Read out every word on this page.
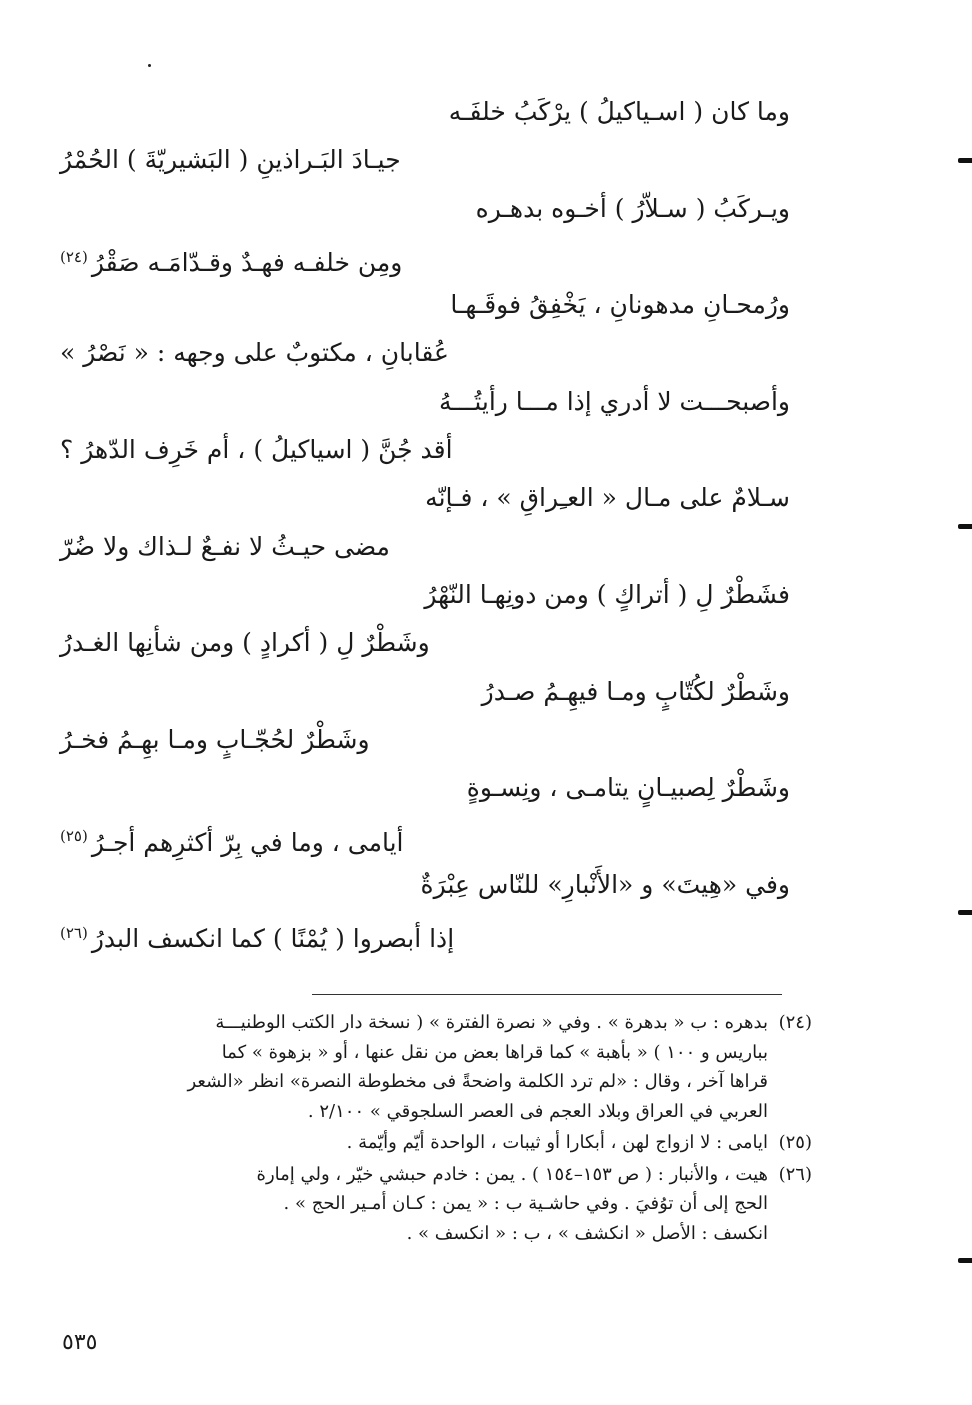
وما كان ( اسـياكيلُ ) يرْكَبُ خلفَـه
جيـادَ البَـراذينِ ( البَشيريّةَ ) الحُمْرُ
ويـركَبُ ( سـلاّرُ ) أخـوه بدهـره
ومِن خلفـه فهـدٌ وقـدّامَـه صَقْرُ(٢٤)
ورُمحـانِ مدهونانِ ، يَخْفِقُ فوقَـهـا
عُقابانِ ، مكتوبٌ على وجهه : « نَصْرُ »
وأصبحـــت لا أدري إذا مـــا رأيتُـــهُ
أقد جُنَّ ( اسياكيلُ ) ، أم خَرِف الدّهرُ ؟
سـلامٌ على مـال « العـِراقِ » ، فـإنّه
مضى حيـثُ لا نفـعٌ لـذاك ولا ضُرّ
فشَطْرٌ لِ ( أتراكٍ ) ومن دونِهـا النّهْرُ
وشَطْرٌ لِ ( أكرادٍ ) ومن شأنِها الغـدرُ
وشَطْرٌ لكُتّابٍ ومـا فيهِـمُ صـدرُ
وشَطْرٌ لحُجّـابٍ ومـا بهِـمُ فخـرُ
وشَطْرٌ لِصبيـانٍ يتامـى ، ونِسـوةٍ
أيامى ، وما في بِرّ أكثرِهم أجـرُ(٢٥)
وفي «هِيتَ» و «الأَنْبارِ» للنّاس عِبْرَةٌ
إذا أبصروا ( يُمْنًا ) كما انكسف البدرُ(٢٦)
(٢٤)
بدهره : ب « بدهرة » . وفي « نصرة الفترة » ( نسخة دار الكتب الوطنيـــة
بباريس و ١٠٠ ) « بأهبة » كما قراها بعض من نقل عنها ، أو « بزهوة » كما
قراها آخر ، وقال : «لم ترد الكلمة واضحةً فى مخطوطة النصرة» انظر «الشعر
العربي في العراق وبلاد العجم فى العصر السلجوقي » ٢/١٠٠ .
(٢٥)
ايامى : لا ازواج لهن ، أبكارا أو ثيبات ، الواحدة أيّم وأيّمة .
(٢٦)
هيت ، والأنبار : ( ص ١٥٣–١٥٤ ) . يمن : خادم حبشي خيّر ، ولي إمارة
الحج إلى أن توُفيَ . وفي حاشـية ب : « يمن : كـان أمـير الحج » .
انكسف : الأصل « انكشف » ، ب : « انكسف » .
٥٣٥
